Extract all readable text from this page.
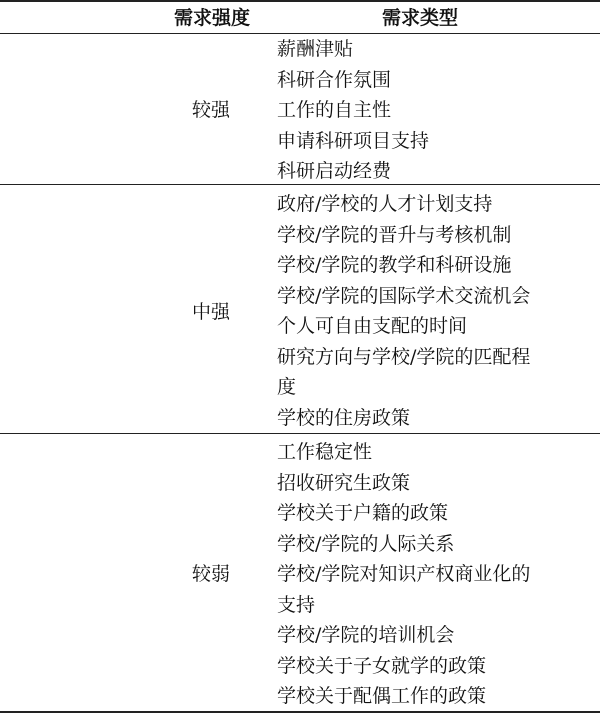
需求强度	需求类型
较强
薪酬津贴
科研合作氛围
工作的自主性
申请科研项目支持
科研启动经费
中强
政府/学校的人才计划支持
学校/学院的晋升与考核机制
学校/学院的教学和科研设施
学校/学院的国际学术交流机会
个人可自由支配的时间
研究方向与学校/学院的匹配程
度
学校的住房政策
较弱
工作稳定性
招收研究生政策
学校关于户籍的政策
学校/学院的人际关系
学校/学院对知识产权商业化的
支持
学校/学院的培训机会
学校关于子女就学的政策
学校关于配偶工作的政策
